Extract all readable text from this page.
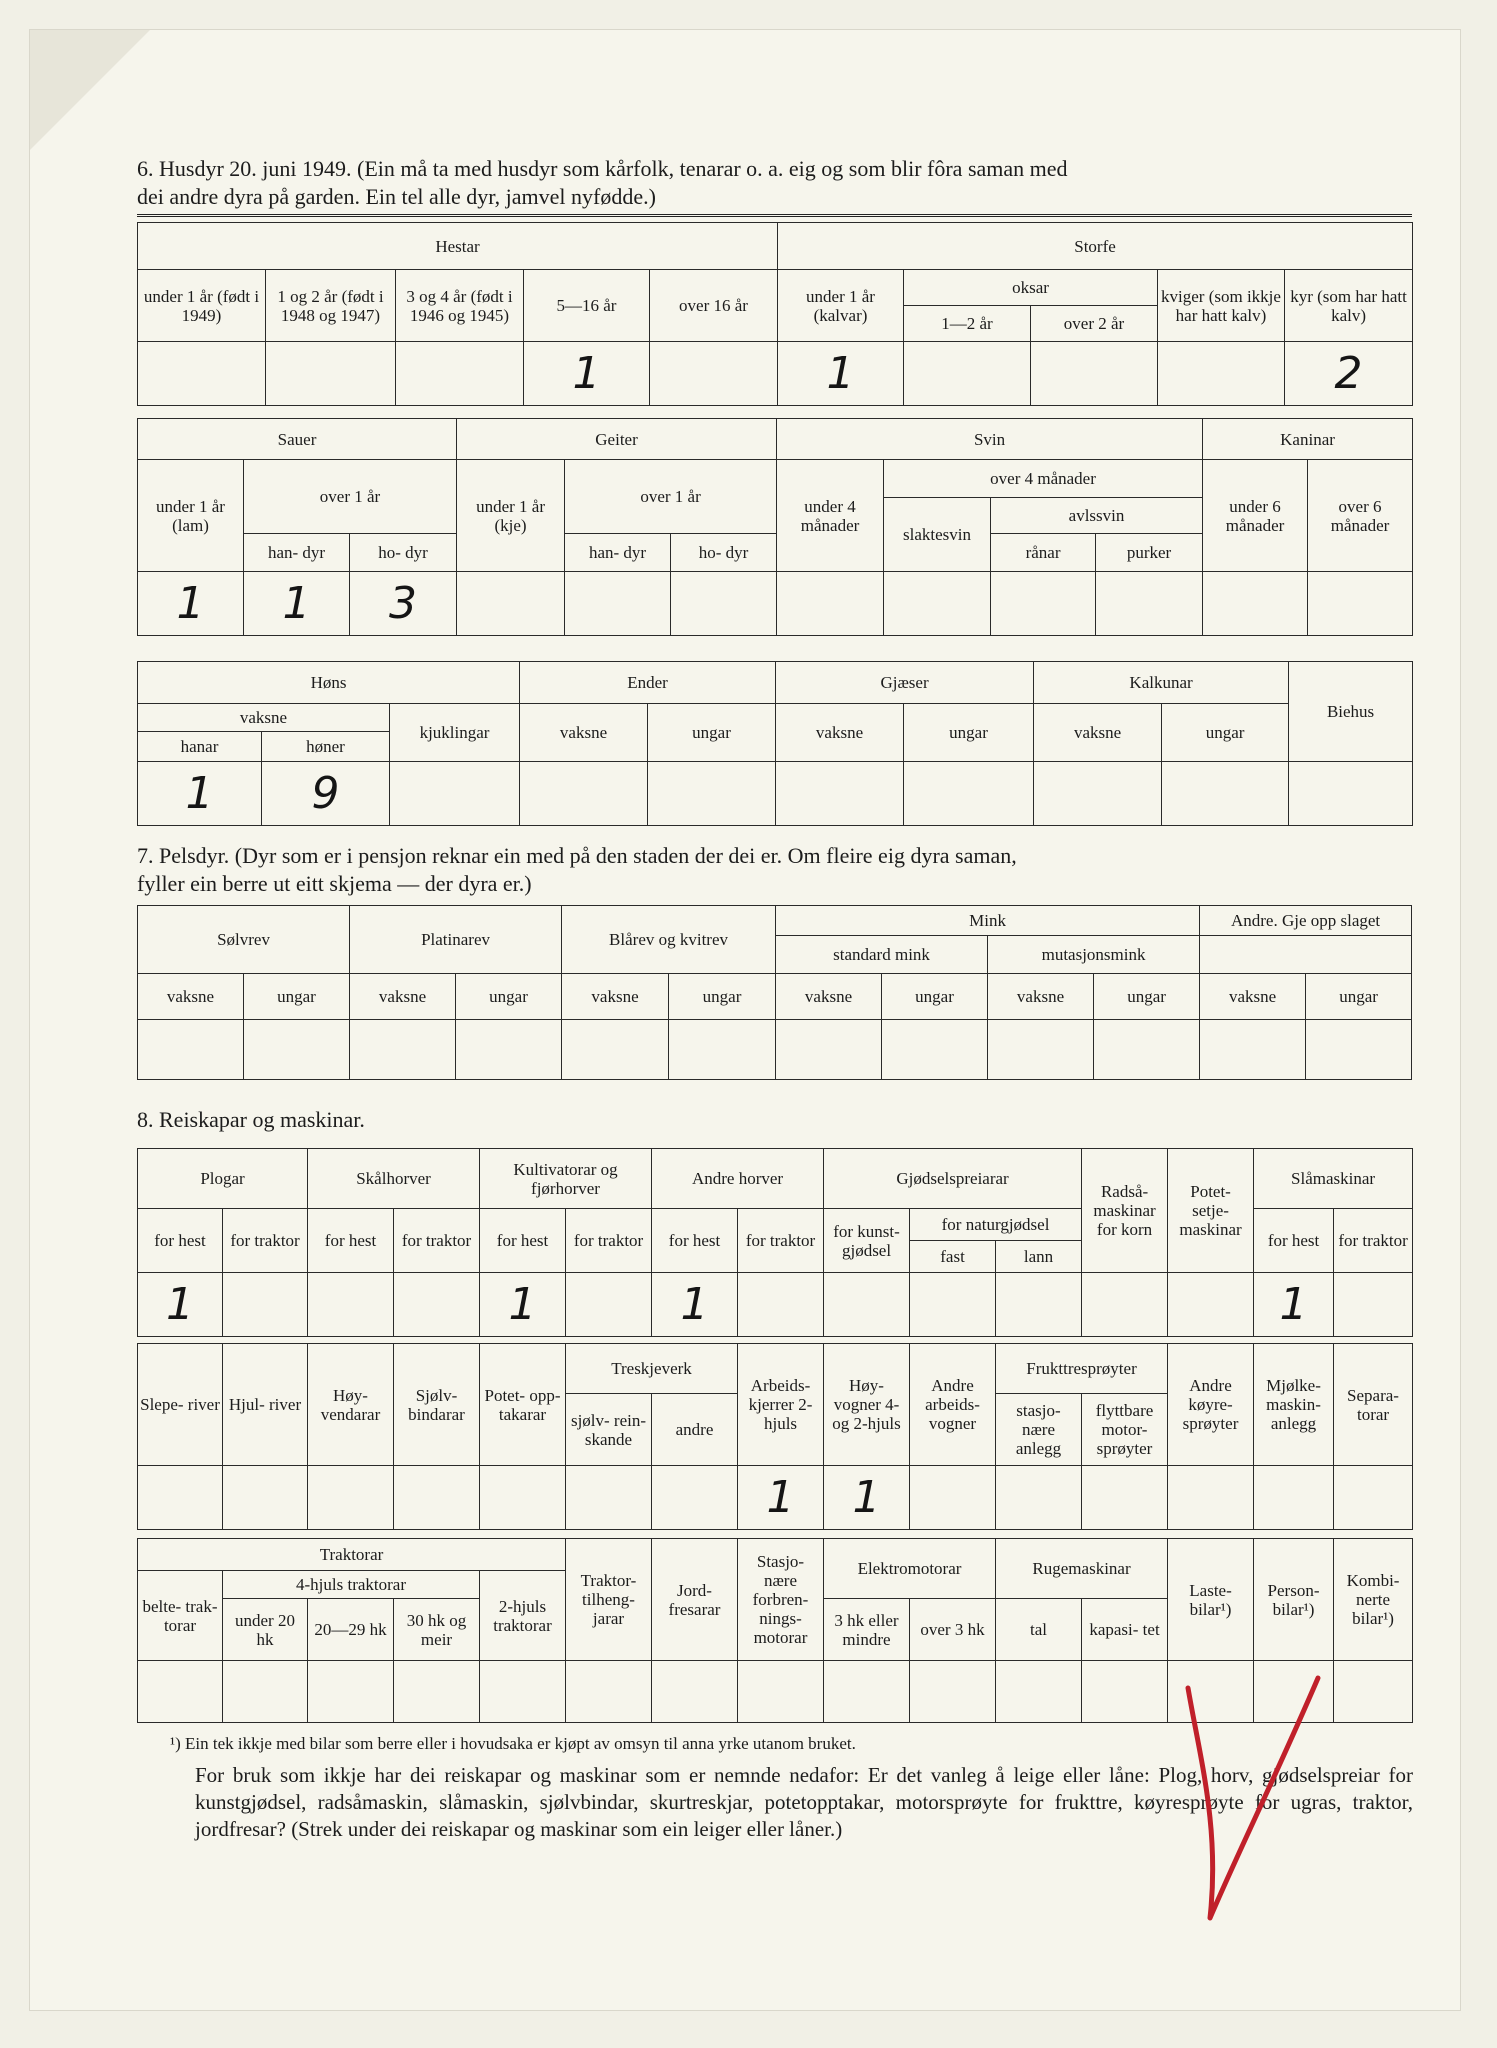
6. Husdyr 20. juni 1949. (Ein må ta med husdyr som kårfolk, tenarar o. a. eig og som blir fôra saman med
dei andre dyra på garden. Ein tel alle dyr, jamvel nyfødde.)
Hestar					Storfe				
under 1 år (født i 1949)	1 og 2 år (født i 1948 og 1947)	3 og 4 år (født i 1946 og 1945)	5—16 år	over 16 år	under 1 år (kalvar)	oksar		kviger (som ikkje har hatt kalv)	kyr (som har hatt kalv)
						1—2 år	over 2 år		
			1		1				2
Sauer			Geiter			Svin				Kaninar	
under 1 år (lam)	over 1 år		under 1 år (kje)	over 1 år		under 4 månader	over 4 månader			under 6 månader	over 6 månader
							slaktesvin	avlssvin			
	han- dyr	ho- dyr		han- dyr	ho- dyr			rånar	purker		
1	1	3									
Høns			Ender		Gjæser		Kalkunar		Biehus
vaksne		kjuklingar	vaksne	ungar	vaksne	ungar	vaksne	ungar	
hanar	høner								
1	9								
7. Pelsdyr. (Dyr som er i pensjon reknar ein med på den staden der dei er. Om fleire eig dyra saman,
fyller ein berre ut eitt skjema — der dyra er.)
Sølvrev		Platinarev		Blårev og kvitrev		Mink				Andre. Gje opp slaget	
						standard mink		mutasjonsmink			
vaksne	ungar	vaksne	ungar	vaksne	ungar	vaksne	ungar	vaksne	ungar	vaksne	ungar

8. Reiskapar og maskinar.
Plogar		Skålhorver		Kultivatorar og fjørhorver		Andre horver		Gjødselspreiarar			Radså- maskinar for korn	Potet- setje- maskinar	Slåmaskinar	
for hest	for traktor	for hest	for traktor	for hest	for traktor	for hest	for traktor	for kunst- gjødsel	for naturgjødsel				for hest	for traktor
									fast	lann				
1				1		1							1	
Slepe- river	Hjul- river	Høy- vendarar	Sjølv- bindarar	Potet- opp- takarar	Treskjeverk		Arbeids- kjerrer 2-hjuls	Høy- vogner 4- og 2-hjuls	Andre arbeids- vogner	Frukttresprøyter		Andre køyre- sprøyter	Mjølke- maskin- anlegg	Separa- torar
					sjølv- rein- skande	andre				stasjo- nære anlegg	flyttbare motor- sprøyter			
							1	1						
Traktorar					Traktor- tilheng- jarar	Jord- fresarar	Stasjo- nære forbren- nings- motorar	Elektromotorar		Rugemaskinar		Laste- bilar¹)	Person- bilar¹)	Kombi- nerte bilar¹)
belte- trak- torar	4-hjuls traktorar			2-hjuls traktorar										
	under 20 hk	20—29 hk	30 hk og meir					3 hk eller mindre	over 3 hk	tal	kapasi- tet			

¹) Ein tek ikkje med bilar som berre eller i hovudsaka er kjøpt av omsyn til anna yrke utanom bruket.
For bruk som ikkje har dei reiskapar og maskinar som er nemnde nedafor: Er det vanleg å leige eller låne: Plog, horv, gjødselspreiar for kunstgjødsel, radsåmaskin, slåmaskin, sjølvbindar, skurtreskjar, potetopptakar, motorsprøyte for frukttre, køyresprøyte for ugras, traktor, jordfresar? (Strek under dei reiskapar og maskinar som ein leiger eller låner.)
